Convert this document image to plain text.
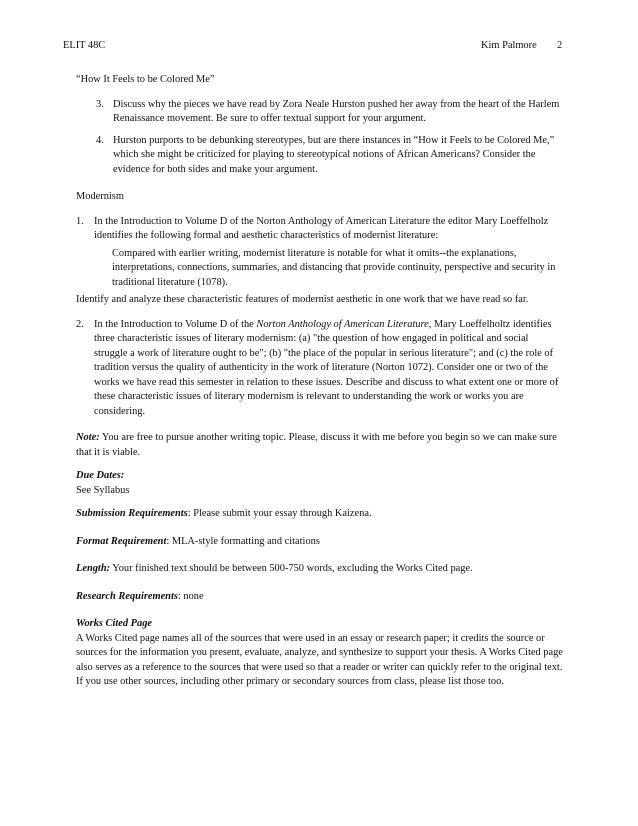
ELIT 48C	Kim Palmore 2

“How It Feels to be Colored Me”

3. Discuss why the pieces we have read by Zora Neale Hurston pushed her away from the heart of the Harlem Renaissance movement. Be sure to offer textual support for your argument.

4. Hurston purports to be debunking stereotypes, but are there instances in “How it Feels to be Colored Me,” which she might be criticized for playing to stereotypical notions of African Americans? Consider the evidence for both sides and make your argument.

Modernism

1. In the Introduction to Volume D of the Norton Anthology of American Literature the editor Mary Loeffelholz identifies the following formal and aesthetic characteristics of modernist literature:

Compared with earlier writing, modernist literature is notable for what it omits--the explanations, interpretations, connections, summaries, and distancing that provide continuity, perspective and security in traditional literature (1078).

Identify and analyze these characteristic features of modernist aesthetic in one work that we have read so far.

2. In the Introduction to Volume D of the Norton Anthology of American Literature, Mary Loeffelholtz identifies three characteristic issues of literary modernism: (a) "the question of how engaged in political and social struggle a work of literature ought to be"; (b) "the place of the popular in serious literature"; and (c) the role of tradition versus the quality of authenticity in the work of literature (Norton 1072). Consider one or two of the works we have read this semester in relation to these issues. Describe and discuss to what extent one or more of these characteristic issues of literary modernism is relevant to understanding the work or works you are considering.

Note: You are free to pursue another writing topic. Please, discuss it with me before you begin so we can make sure that it is viable.

Due Dates:

See Syllabus

Submission Requirements: Please submit your essay through Kaizena.

Format Requirement: MLA-style formatting and citations

Length: Your finished text should be between 500-750 words, excluding the Works Cited page.

Research Requirements: none

Works Cited Page

A Works Cited page names all of the sources that were used in an essay or research paper; it credits the source or sources for the information you present, evaluate, analyze, and synthesize to support your thesis. A Works Cited page also serves as a reference to the sources that were used so that a reader or writer can quickly refer to the original text. If you use other sources, including other primary or secondary sources from class, please list those too.
